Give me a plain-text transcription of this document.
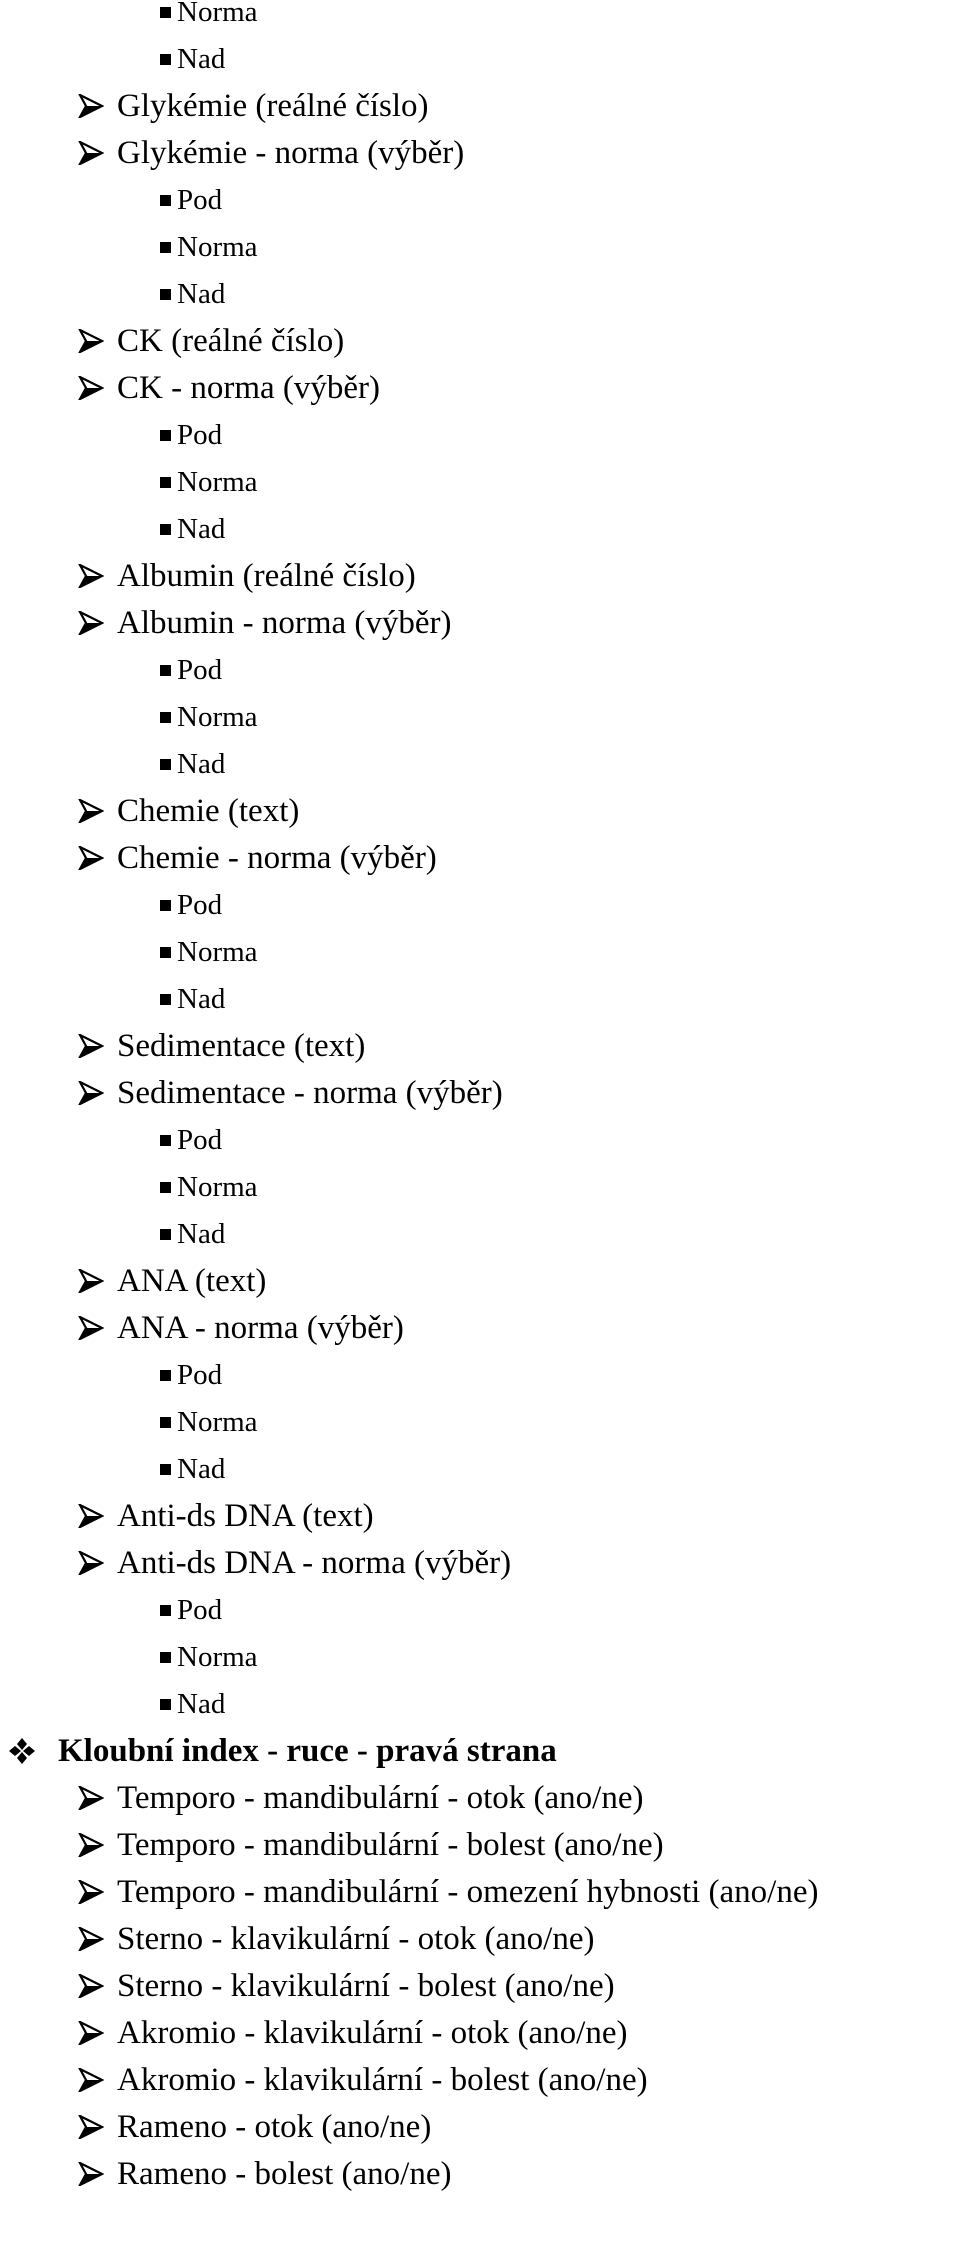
Norma
Nad
Glykémie (reálné číslo)
Glykémie - norma (výběr)
Pod
Norma
Nad
CK (reálné číslo)
CK - norma (výběr)
Pod
Norma
Nad
Albumin (reálné číslo)
Albumin - norma (výběr)
Pod
Norma
Nad
Chemie (text)
Chemie - norma (výběr)
Pod
Norma
Nad
Sedimentace (text)
Sedimentace - norma (výběr)
Pod
Norma
Nad
ANA (text)
ANA - norma (výběr)
Pod
Norma
Nad
Anti-ds DNA (text)
Anti-ds DNA - norma (výběr)
Pod
Norma
Nad
Kloubní index - ruce - pravá strana
Temporo - mandibulární - otok (ano/ne)
Temporo - mandibulární - bolest (ano/ne)
Temporo - mandibulární - omezení hybnosti (ano/ne)
Sterno - klavikulární - otok (ano/ne)
Sterno - klavikulární - bolest (ano/ne)
Akromio - klavikulární - otok (ano/ne)
Akromio - klavikulární - bolest (ano/ne)
Rameno - otok (ano/ne)
Rameno - bolest (ano/ne)
